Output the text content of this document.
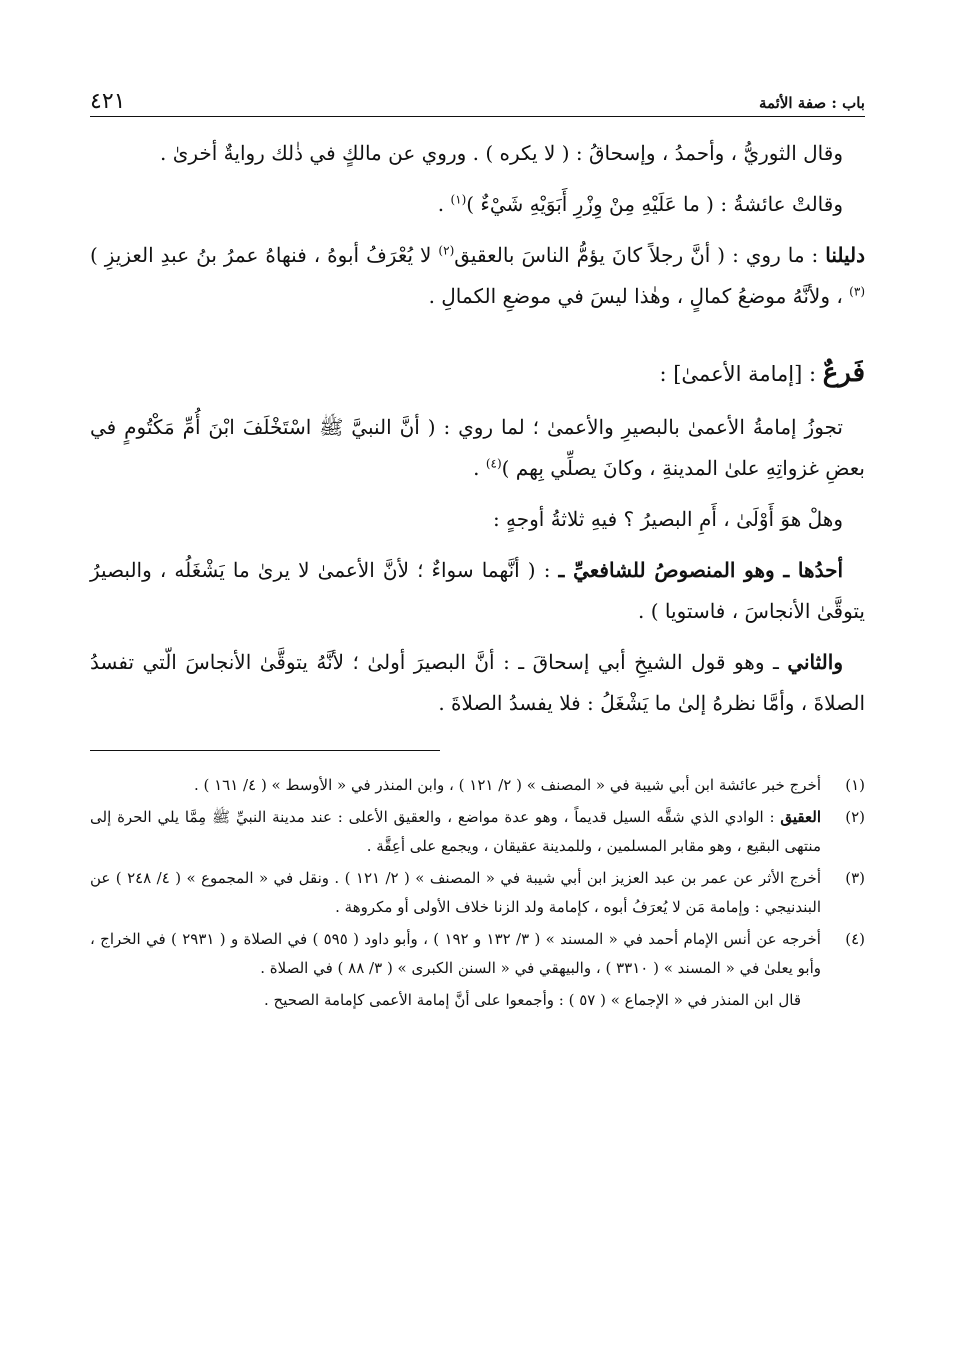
باب : صفة الأئمة
٤٢١

وقال الثوريُّ ، وأحمدُ ، وإسحاقُ : ( لا يكره ) . وروي عن مالكٍ في ذٰلك روايةٌ أخرىٰ .

وقالتْ عائشةُ : ( ما عَلَيْهِ مِنْ وِزْرِ أَبَوَيْهِ شَيْءٌ )$^{(١)}$ .

دليلنا : ما روي : ( أنَّ رجلاً كانَ يؤمُّ الناسَ بالعقيق$^{(٢)}$ لا يُعْرَفُ أبوهُ ، فنهاهُ عمرُ بنُ عبدِ العزيزِ )$^{(٣)}$ ، ولأنَّهُ موضعُ كمالٍ ، وهٰذا ليسَ في موضعِ الكمالِ .

فَرعٌ : [إمامة الأعمىٰ] :

تجوزُ إمامةُ الأعمىٰ بالبصيرِ والأعمىٰ ؛ لما روي : ( أنَّ النبيَّ ﷺ اسْتَخْلَفَ ابْنَ أُمِّ مَكْتُومٍ في بعضِ غزواتِهِ علىٰ المدينةِ ، وكانَ يصلِّي بِهم )$^{(٤)}$ .

وهلْ هوَ أَوْلَىٰ ، أَمِ البصيرُ ؟ فيهِ ثلاثةُ أوجهٍ :

أحدُها ـ وهو المنصوصُ للشافعيِّ ـ : ( أنَّهما سواءٌ ؛ لأنَّ الأعمىٰ لا يرىٰ ما يَشْغَلُه ، والبصيرُ يتوقَّىٰ الأنجاسَ ، فاستويا ) .

والثاني ـ وهو قول الشيخِ أبي إسحاقَ ـ : أنَّ البصيرَ أولىٰ ؛ لأنَّهُ يتوقَّىٰ الأنجاسَ الّتي تفسدُ الصلاةَ ، وأمَّا نظرهُ إلىٰ ما يَشْغَلُ : فلا يفسدُ الصلاةَ .

(١)
أخرج خبر عائشة ابن أبي شيبة في « المصنف » ( ٢/ ١٢١ ) ، وابن المنذر في « الأوسط » ( ٤/ ١٦١ ) .
(٢)
العقيق : الوادي الذي شقَّه السيل قديماً ، وهو عدة مواضع ، والعقيق الأعلى : عند مدينة النبيِّ ﷺ مِمَّا يلي الحرة إلى منتهى البقيع ، وهو مقابر المسلمين ، وللمدينة عقيقان ، ويجمع على أعِقَّة .
(٣)
أخرج الأثر عن عمر بن عبد العزيز ابن أبي شيبة في « المصنف » ( ٢/ ١٢١ ) . ونقل في « المجموع » ( ٤/ ٢٤٨ ) عن البندنيجي : وإمامة مَن لا يُعرَفُ أبوه ، كإمامة ولد الزنا خلاف الأولى أو مكروهة .
(٤)
أخرجه عن أنس الإمام أحمد في « المسند » ( ٣/ ١٣٢ و ١٩٢ ) ، وأبو داود ( ٥٩٥ ) في الصلاة و ( ٢٩٣١ ) في الخراج ، وأبو يعلىٰ في « المسند » ( ٣٣١٠ ) ، والبيهقي في « السنن الكبرى » ( ٣/ ٨٨ ) في الصلاة .
قال ابن المنذر في « الإجماع » ( ٥٧ ) : وأجمعوا على أنَّ إمامة الأعمى كإمامة الصحيح .
